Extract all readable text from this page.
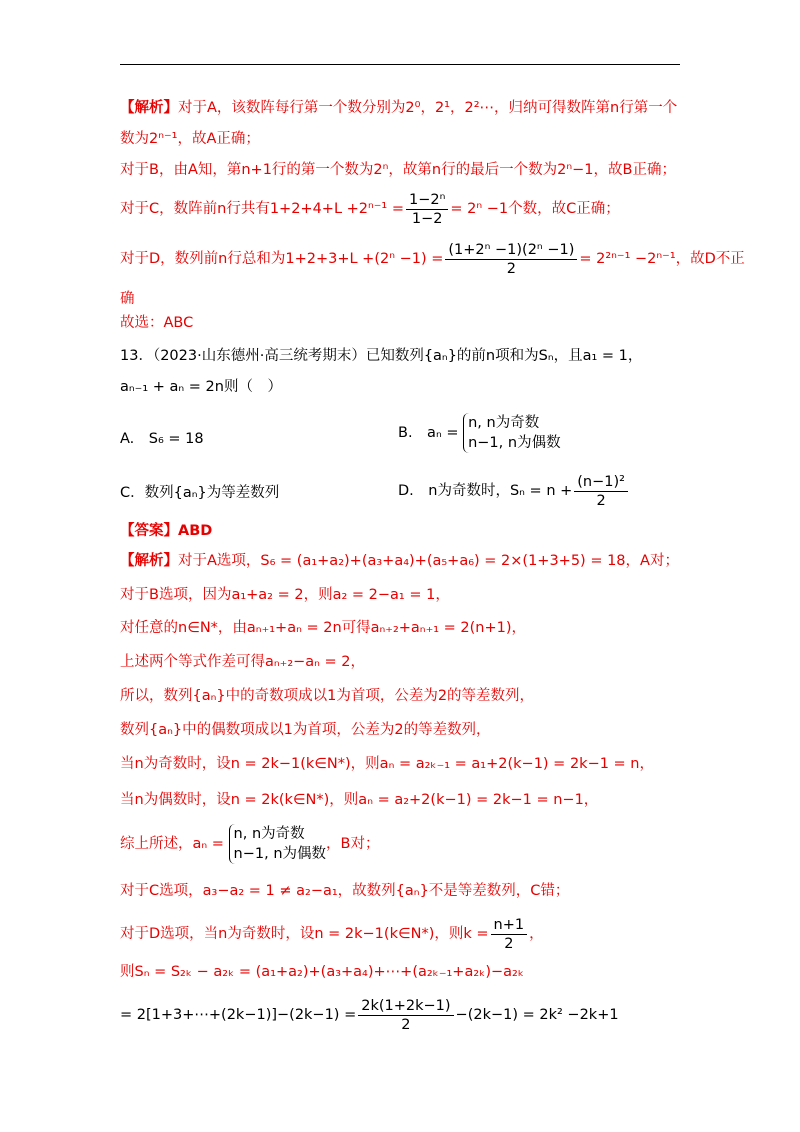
【解析】对于A，该数阵每行第一个数分别为2⁰，2¹，2²⋯，归纳可得数阵第n行第一个
数为2ⁿ⁻¹，故A正确；
对于B，由A知，第n+1行的第一个数为2ⁿ，故第n行的最后一个数为2ⁿ−1，故B正确；
对于C，数阵前n行共有$1+2+4+L +2^{n-1} = \frac{\text{1−2ⁿ}}{1-2} = 2^n -1$个数，故C正确；
对于D，数列前n行总和为$1+2+3+L +(2^n -1) = \frac{\text{(1+2ⁿ −1)(2ⁿ −1)}}{2} = 2^{2n-1} -2^{n-1}$，故D不正
确
故选：ABC
13．（2023·山东德州·高三统考期末）已知数列{aₙ}的前n项和为Sₙ，且a₁ = 1，
aₙ₋₁ + aₙ = 2n则（　）
A.　S₆ = 18	B.　aₙ =
n, n为奇数
n−1, n为偶数
C．数列{aₙ}为等差数列	D.　n为奇数时，$S_n = n + \frac{\text{(n−1)²}}{2}$
【答案】ABD
【解析】对于A选项，S₆ = (a₁+a₂)+(a₃+a₄)+(a₅+a₆) = 2×(1+3+5) = 18，A对；
对于B选项，因为a₁+a₂ = 2，则a₂ = 2−a₁ = 1，
对任意的n∈N*，由aₙ₊₁+aₙ = 2n可得aₙ₊₂+aₙ₊₁ = 2(n+1)，
上述两个等式作差可得aₙ₊₂−aₙ = 2，
所以，数列{aₙ}中的奇数项成以1为首项，公差为2的等差数列，
数列{aₙ}中的偶数项成以1为首项，公差为2的等差数列，
当n为奇数时，设n = 2k−1(k∈N*)，则aₙ = a₂ₖ₋₁ = a₁+2(k−1) = 2k−1 = n，
当n为偶数时，设n = 2k(k∈N*)，则aₙ = a₂+2(k−1) = 2k−1 = n−1，
综上所述，aₙ =
n, n为奇数
n−1, n为偶数
，B对；
对于C选项，a₃−a₂ = 1 ≠ a₂−a₁，故数列{aₙ}不是等差数列，C错；
对于D选项，当n为奇数时，设n = 2k−1(k∈N*)，则$k = \frac{n+1}{2}$ ，
则Sₙ = S₂ₖ − a₂ₖ = (a₁+a₂)+(a₃+a₄)+⋯+(a₂ₖ₋₁+a₂ₖ)−a₂ₖ
= 2[1+3+⋯+(2k−1)]−(2k−1) = $\frac{2k(1+2k-1)}{2} -(2k-1) = 2k^2 -2k+1$
